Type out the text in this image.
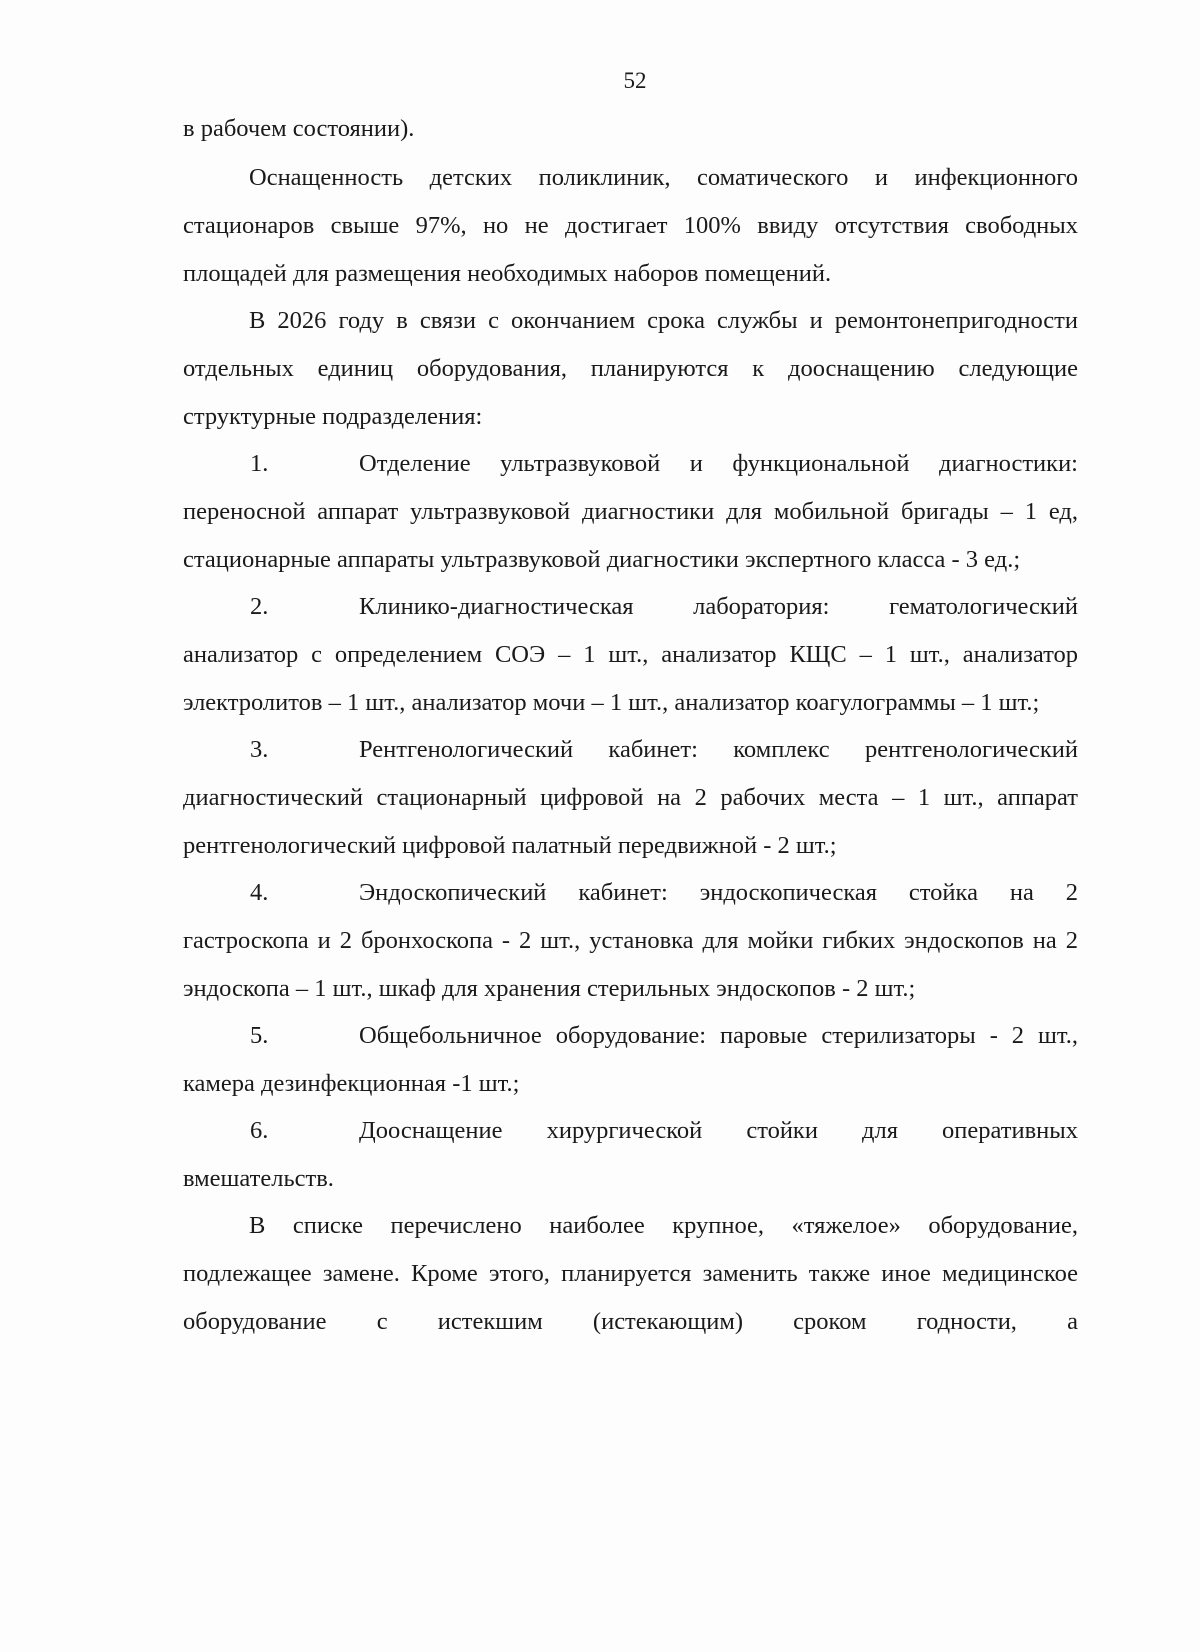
52

в рабочем состоянии).

Оснащенность детских поликлиник, соматического и инфекционного стационаров свыше 97%, но не достигает 100% ввиду отсутствия свободных площадей для размещения необходимых наборов помещений.

В 2026 году в связи с окончанием срока службы и ремонтонепригодности отдельных единиц оборудования, планируются к дооснащению следующие структурные подразделения:

1.	Отделение ультразвуковой и функциональной диагностики: переносной аппарат ультразвуковой диагностики для мобильной бригады – 1 ед, стационарные аппараты ультразвуковой диагностики экспертного класса - 3 ед.;

2.	Клинико-диагностическая лаборатория: гематологический анализатор с определением СОЭ – 1 шт., анализатор КЩС – 1 шт., анализатор электролитов – 1 шт., анализатор мочи – 1 шт., анализатор коагулограммы – 1 шт.;

3.	Рентгенологический кабинет: комплекс рентгенологический диагностический стационарный цифровой на 2 рабочих места – 1 шт., аппарат рентгенологический цифровой палатный передвижной - 2 шт.;

4.	Эндоскопический кабинет: эндоскопическая стойка на 2 гастроскопа и 2 бронхоскопа - 2 шт., установка для мойки гибких эндоскопов на 2 эндоскопа – 1 шт., шкаф для хранения стерильных эндоскопов - 2 шт.;

5.	Общебольничное оборудование: паровые стерилизаторы - 2 шт., камера дезинфекционная -1 шт.;

6.	Дооснащение хирургической стойки для оперативных вмешательств.

В списке перечислено наиболее крупное, «тяжелое» оборудование, подлежащее замене. Кроме этого, планируется заменить также иное медицинское оборудование с истекшим (истекающим) сроком годности, а
